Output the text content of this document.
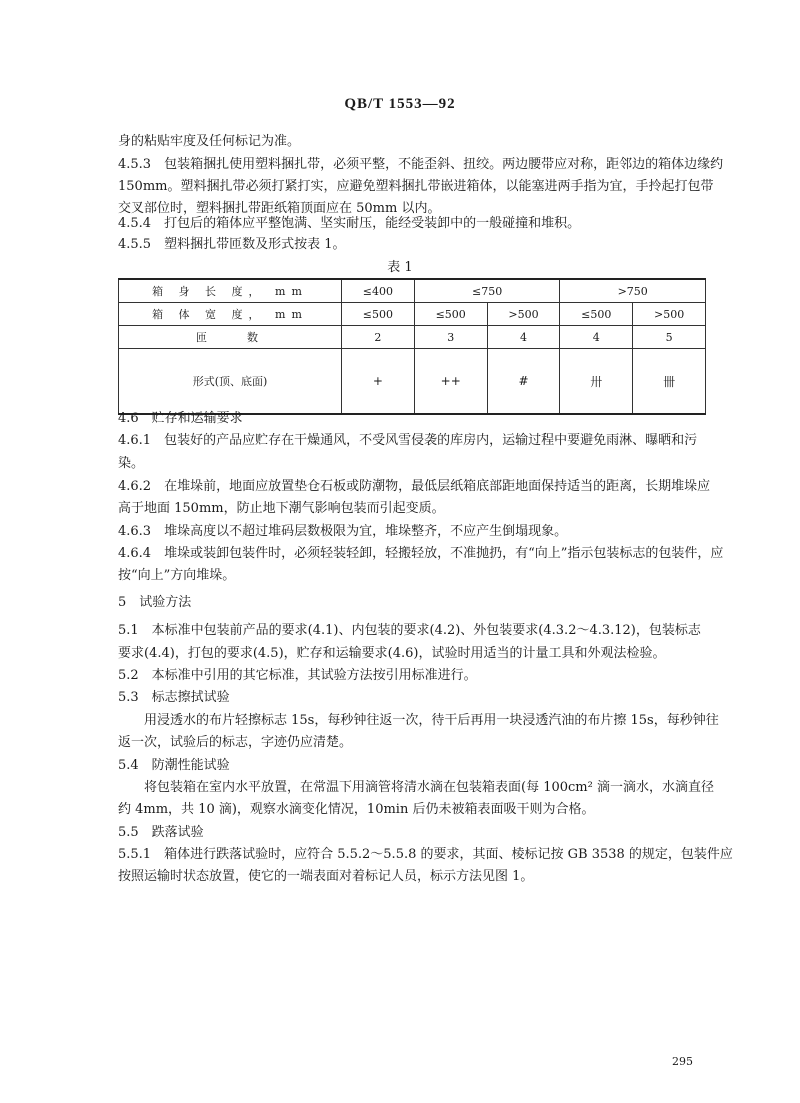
QB/T 1553—92
身的粘贴牢度及任何标记为准。
4.5.3　包装箱捆扎使用塑料捆扎带，必须平整，不能歪斜、扭绞。两边腰带应对称，距邻边的箱体边缘约
150mm。塑料捆扎带必须打紧打实，应避免塑料捆扎带嵌进箱体，以能塞进两手指为宜，手拎起打包带
交叉部位时，塑料捆扎带距纸箱顶面应在 50mm 以内。
4.5.4　打包后的箱体应平整饱满、坚实耐压，能经受装卸中的一般碰撞和堆积。
4.5.5　塑料捆扎带匝数及形式按表 1。
表 1
箱 身 长 度， mm	≤400	≤750		>750	
箱 体 宽 度， mm	≤500	≤500	>500	≤500	>500
匝　　数	2	3	4	4	5
形式(顶、底面)	+	++	#	卅	卌
4.6　贮存和运输要求
4.6.1　包装好的产品应贮存在干燥通风，不受风雪侵袭的库房内，运输过程中要避免雨淋、曝晒和污
染。
4.6.2　在堆垛前，地面应放置垫仓石板或防潮物，最低层纸箱底部距地面保持适当的距离，长期堆垛应
高于地面 150mm，防止地下潮气影响包装而引起变质。
4.6.3　堆垛高度以不超过堆码层数极限为宜，堆垛整齐，不应产生倒塌现象。
4.6.4　堆垛或装卸包装件时，必须轻装轻卸，轻搬轻放，不准抛扔，有“向上”指示包装标志的包装件，应
按“向上”方向堆垛。
5　试验方法
5.1　本标准中包装前产品的要求(4.1)、内包装的要求(4.2)、外包装要求(4.3.2～4.3.12)，包装标志
要求(4.4)，打包的要求(4.5)，贮存和运输要求(4.6)，试验时用适当的计量工具和外观法检验。
5.2　本标准中引用的其它标准，其试验方法按引用标准进行。
5.3　标志擦拭试验
用浸透水的布片轻擦标志 15s，每秒钟往返一次，待干后再用一块浸透汽油的布片擦 15s，每秒钟往
返一次，试验后的标志，字迹仍应清楚。
5.4　防潮性能试验
将包装箱在室内水平放置，在常温下用滴管将清水滴在包装箱表面(每 100cm² 滴一滴水，水滴直径
约 4mm，共 10 滴)，观察水滴变化情况，10min 后仍未被箱表面吸干则为合格。
5.5　跌落试验
5.5.1　箱体进行跌落试验时，应符合 5.5.2～5.5.8 的要求，其面、棱标记按 GB 3538 的规定，包装件应
按照运输时状态放置，使它的一端表面对着标记人员，标示方法见图 1。
295
